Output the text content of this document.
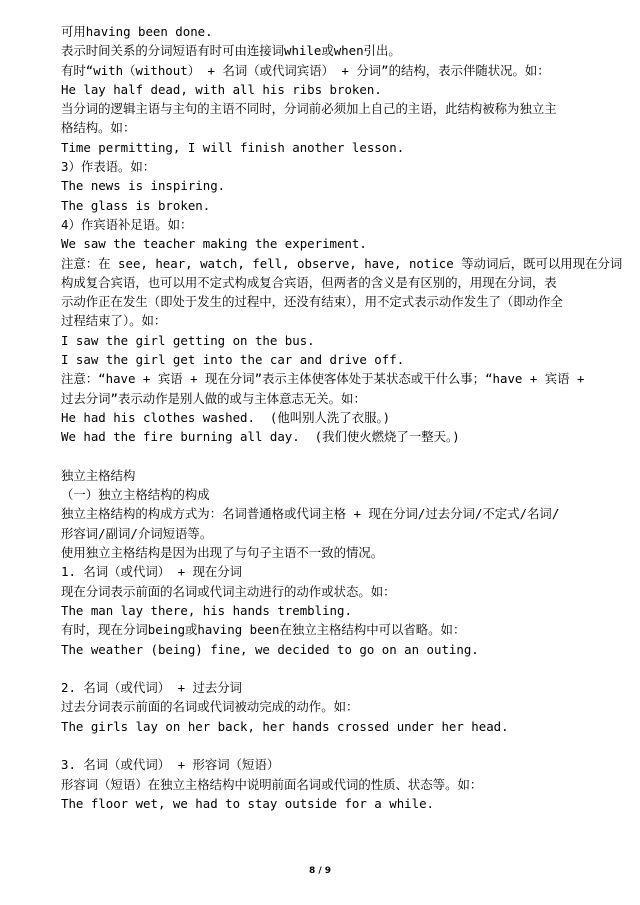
可用having been done.
表示时间关系的分词短语有时可由连接词while或when引出。
有时“with（without） + 名词（或代词宾语） + 分词”的结构，表示伴随状况。如：
He lay half dead, with all his ribs broken.
当分词的逻辑主语与主句的主语不同时，分词前必须加上自己的主语，此结构被称为独立主
格结构。如：
Time permitting, I will finish another lesson.
3）作表语。如：
The news is inspiring.
The glass is broken.
4）作宾语补足语。如：
We saw the teacher making the experiment.
注意：在 see, hear, watch, fell, observe, have, notice 等动词后，既可以用现在分词
构成复合宾语，也可以用不定式构成复合宾语，但两者的含义是有区别的，用现在分词，表
示动作正在发生（即处于发生的过程中，还没有结束），用不定式表示动作发生了（即动作全
过程结束了）。如：
I saw the girl getting on the bus.
I saw the girl get into the car and drive off.
注意：“have + 宾语 + 现在分词”表示主体使客体处于某状态或干什么事；“have + 宾语 +
过去分词”表示动作是别人做的或与主体意志无关。如：
He had his clothes washed.  (他叫别人洗了衣服。)
We had the fire burning all day.  (我们使火燃烧了一整天。)
独立主格结构
（一）独立主格结构的构成
独立主格结构的构成方式为：名词普通格或代词主格 + 现在分词/过去分词/不定式/名词/
形容词/副词/介词短语等。
使用独立主格结构是因为出现了与句子主语不一致的情况。
1. 名词（或代词） + 现在分词
现在分词表示前面的名词或代词主动进行的动作或状态。如：
The man lay there, his hands trembling.
有时，现在分词being或having been在独立主格结构中可以省略。如：
The weather (being) fine, we decided to go on an outing.
2. 名词（或代词） + 过去分词
过去分词表示前面的名词或代词被动完成的动作。如：
The girls lay on her back, her hands crossed under her head.
3. 名词（或代词） + 形容词（短语）
形容词（短语）在独立主格结构中说明前面名词或代词的性质、状态等。如：
The floor wet, we had to stay outside for a while.
8 / 9
